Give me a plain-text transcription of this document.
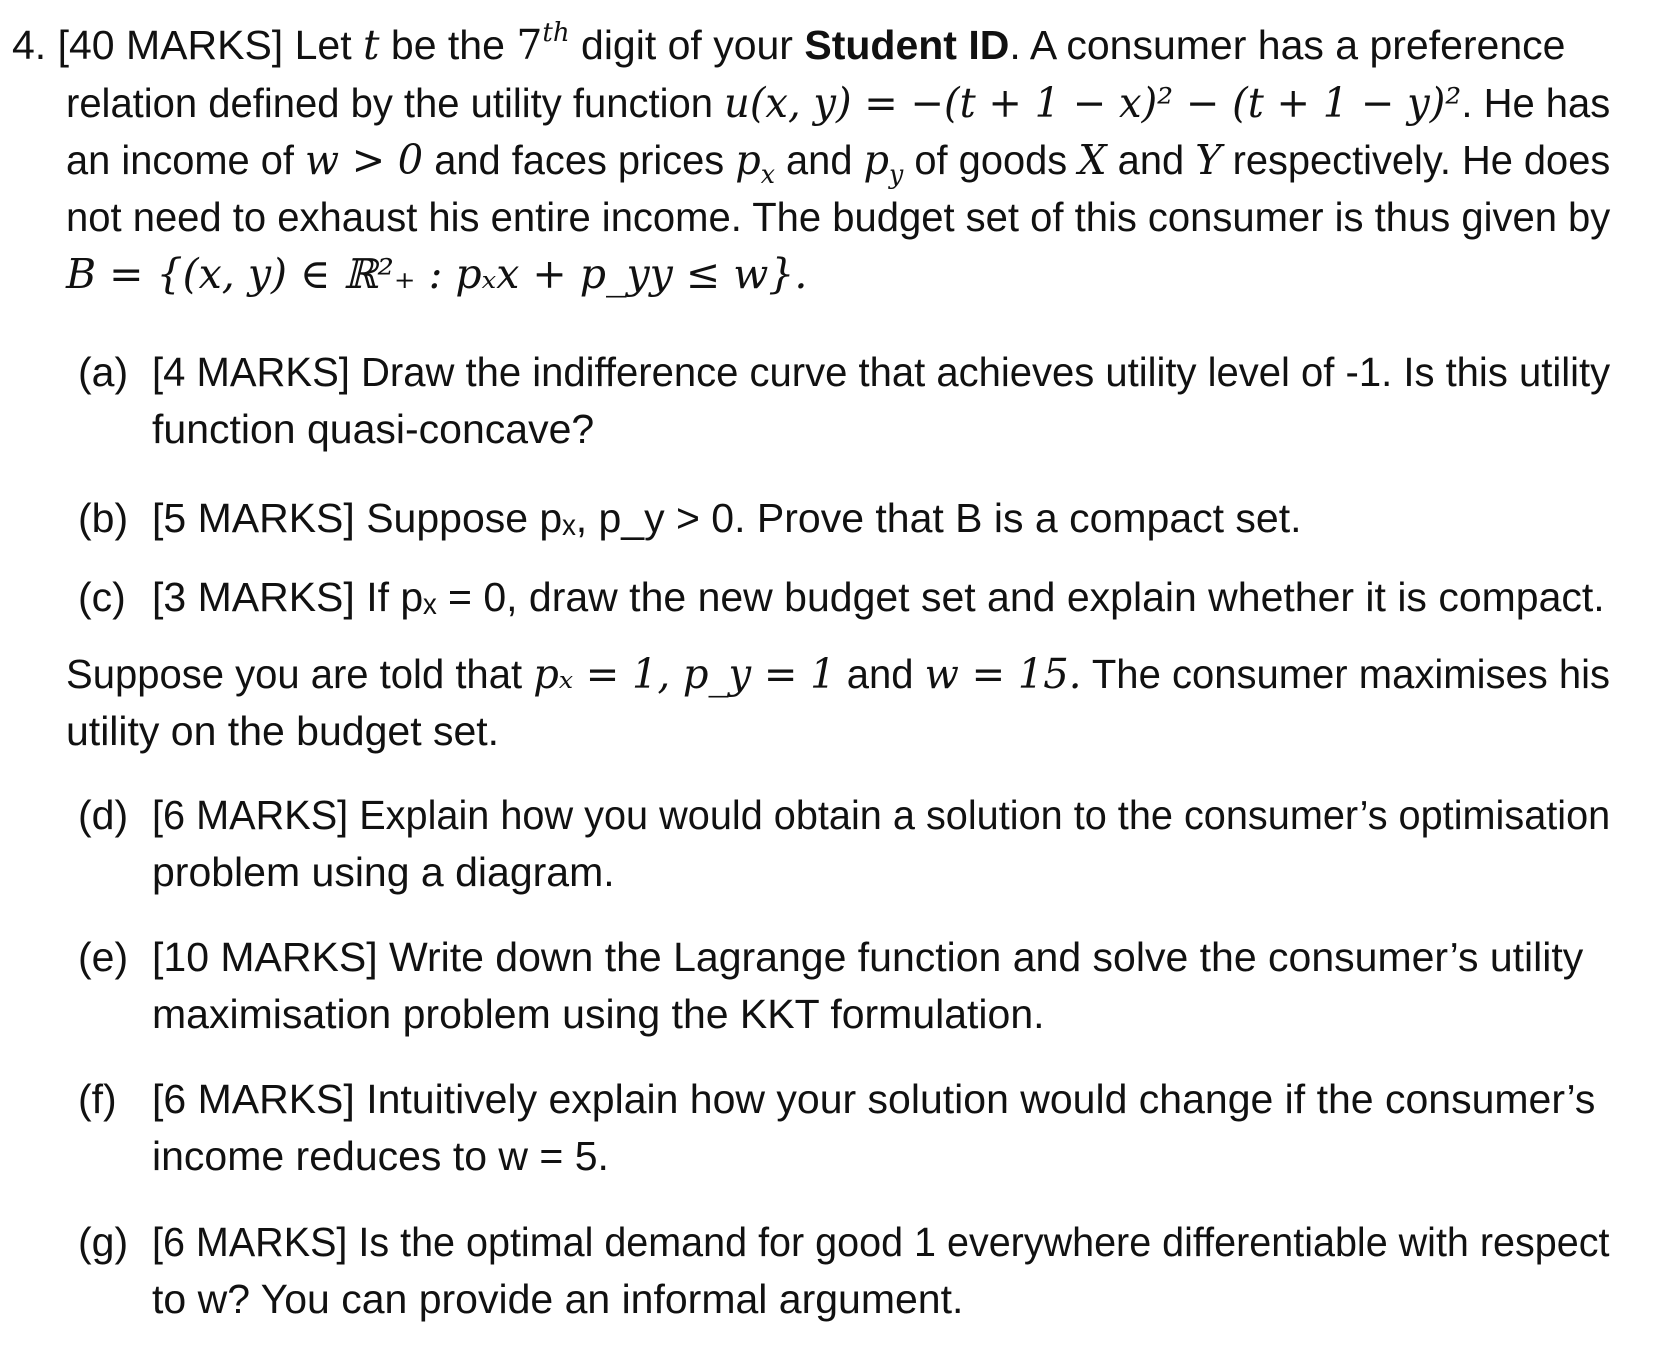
4. [40 MARKS] Let t be the 7th digit of your Student ID. A consumer has a preference
relation defined by the utility function u(x, y) = −(t + 1 − x)² − (t + 1 − y)². He has
an income of w > 0 and faces prices $p_x$ and $p_y$ of goods X and Y respectively. He does
not need to exhaust his entire income. The budget set of this consumer is thus given by
B = {(x, y) ∈ ℝ²₊ : pₓx + p_yy ≤ w}.
(a) [4 MARKS] Draw the indifference curve that achieves utility level of -1. Is this utility
function quasi-concave?
(b) [5 MARKS] Suppose pₓ, p_y > 0. Prove that B is a compact set.
(c) [3 MARKS] If pₓ = 0, draw the new budget set and explain whether it is compact.
Suppose you are told that pₓ = 1, p_y = 1 and w = 15. The consumer maximises his
utility on the budget set.
(d) [6 MARKS] Explain how you would obtain a solution to the consumer’s optimisation
problem using a diagram.
(e) [10 MARKS] Write down the Lagrange function and solve the consumer’s utility
maximisation problem using the KKT formulation.
(f) [6 MARKS] Intuitively explain how your solution would change if the consumer’s
income reduces to w = 5.
(g) [6 MARKS] Is the optimal demand for good 1 everywhere differentiable with respect
to w? You can provide an informal argument.
